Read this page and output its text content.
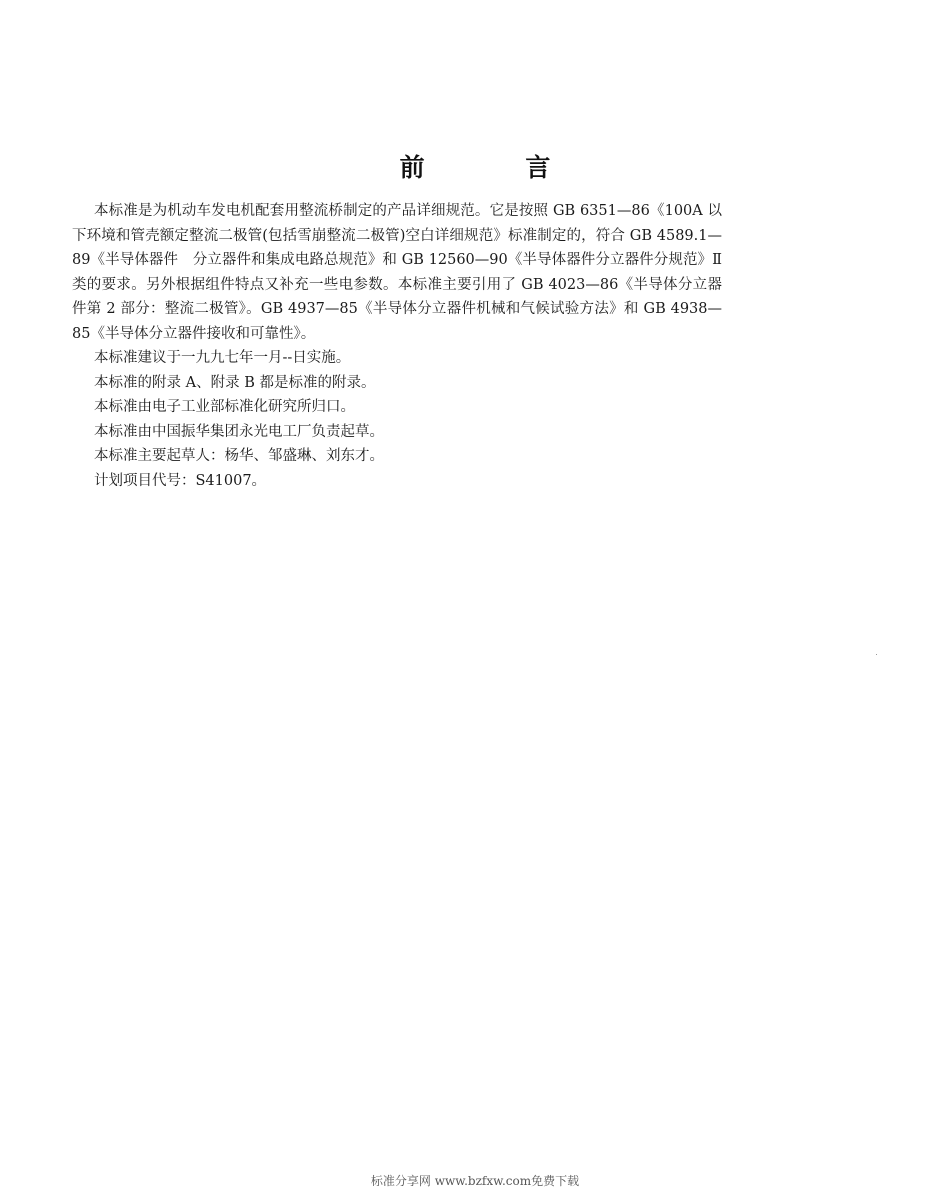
前 言

本标准是为机动车发电机配套用整流桥制定的产品详细规范。它是按照 GB 6351—86《100A 以下环境和管壳额定整流二极管(包括雪崩整流二极管)空白详细规范》标准制定的，符合 GB 4589.1—89《半导体器件　分立器件和集成电路总规范》和 GB 12560—90《半导体器件分立器件分规范》Ⅱ类的要求。另外根据组件特点又补充一些电参数。本标准主要引用了 GB 4023—86《半导体分立器件第 2 部分：整流二极管》。GB 4937—85《半导体分立器件机械和气候试验方法》和 GB 4938—85《半导体分立器件接收和可靠性》。

本标准建议于一九九七年一月--日实施。

本标准的附录 A、附录 B 都是标准的附录。

本标准由电子工业部标准化研究所归口。

本标准由中国振华集团永光电工厂负责起草。

本标准主要起草人：杨华、邹盛琳、刘东才。

计划项目代号：S41007。

标准分享网 www.bzfxw.com免费下载
